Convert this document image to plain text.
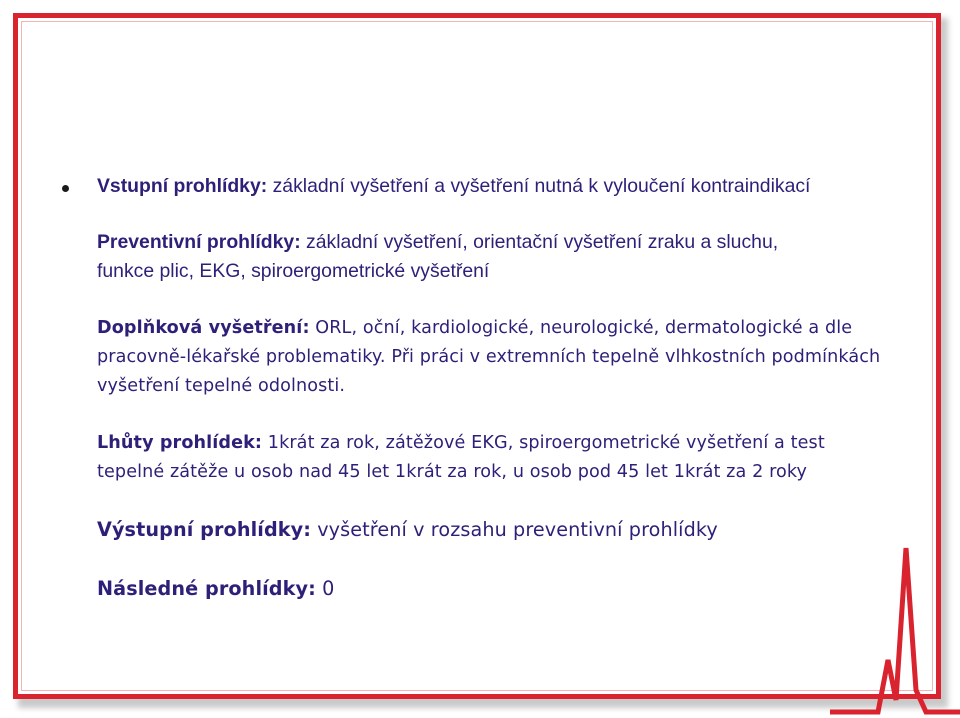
Vstupní prohlídky: základní vyšetření a vyšetření nutná k vyloučení kontraindikací

Preventivní prohlídky: základní vyšetření, orientační vyšetření zraku a sluchu, funkce plic, EKG, spiroergometrické vyšetření

Doplňková vyšetření: ORL, oční, kardiologické, neurologické, dermatologické a dle pracovně-lékařské problematiky. Při práci v extremních tepelně vlhkostních podmínkách vyšetření tepelné odolnosti.

Lhůty prohlídek: 1krát za rok, zátěžové EKG, spiroergometrické vyšetření a test tepelné zátěže u osob nad 45 let 1krát za rok, u osob pod 45 let 1krát za 2 roky

Výstupní prohlídky: vyšetření v rozsahu preventivní prohlídky

Následné prohlídky: 0
